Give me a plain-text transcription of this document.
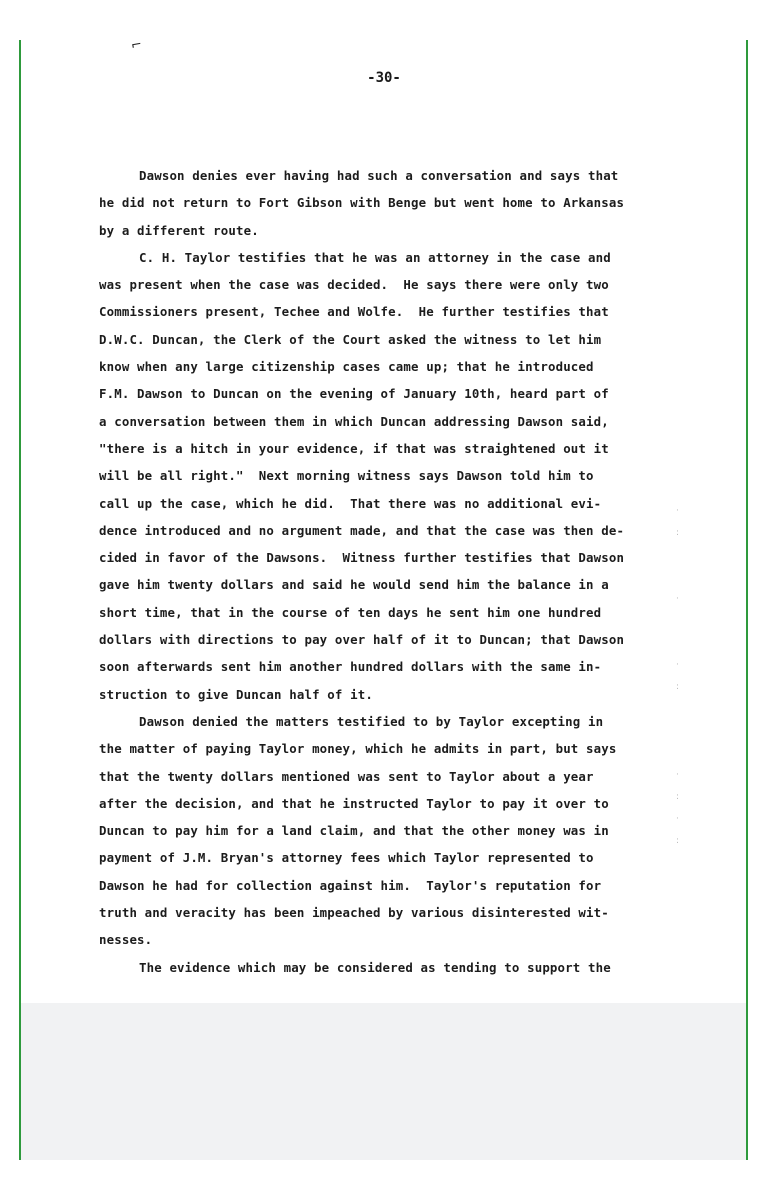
⌐
-30-
Dawson denies ever having had such a conversation and says that
he did not return to Fort Gibson with Benge but went home to Arkansas
by a different route.
C. H. Taylor testifies that he was an attorney in the case and
was present when the case was decided.  He says there were only two
Commissioners present, Techee and Wolfe.  He further testifies that
D.W.C. Duncan, the Clerk of the Court asked the witness to let him
know when any large citizenship cases came up; that he introduced
F.M. Dawson to Duncan on the evening of January 10th, heard part of
a conversation between them in which Duncan addressing Dawson said,
"there is a hitch in your evidence, if that was straightened out it
will be all right."  Next morning witness says Dawson told him to
call up the case, which he did.  That there was no additional evi-
dence introduced and no argument made, and that the case was then de-
cided in favor of the Dawsons.  Witness further testifies that Dawson
gave him twenty dollars and said he would send him the balance in a
short time, that in the course of ten days he sent him one hundred
dollars with directions to pay over half of it to Duncan; that Dawson
soon afterwards sent him another hundred dollars with the same in-
struction to give Duncan half of it.
Dawson denied the matters testified to by Taylor excepting in
the matter of paying Taylor money, which he admits in part, but says
that the twenty dollars mentioned was sent to Taylor about a year
after the decision, and that he instructed Taylor to pay it over to
Duncan to pay him for a land claim, and that the other money was in
payment of J.M. Bryan's attorney fees which Taylor represented to
Dawson he had for collection against him.  Taylor's reputation for
truth and veracity has been impeached by various disinterested wit-
nesses.
The evidence which may be considered as tending to support the
·
:

·

·
:

·
:
·
:
